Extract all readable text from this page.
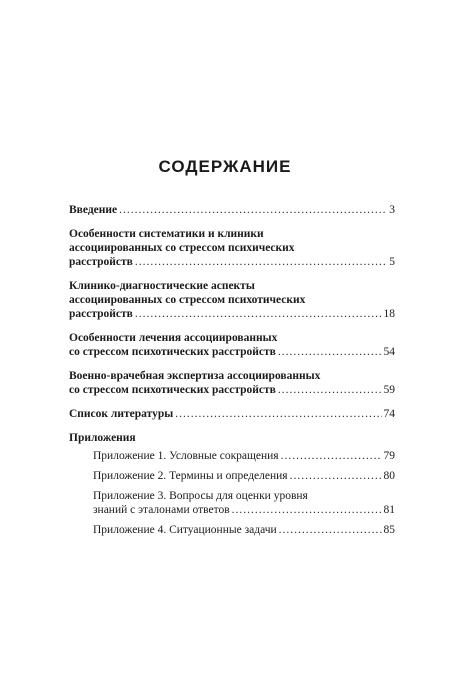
СОДЕРЖАНИЕ
Введение .....	3
Особенности систематики и клиники
ассоциированных со стрессом психических
расстройств .....	5
Клинико-диагностические аспекты
ассоциированных со стрессом психотических
расстройств .....	18
Особенности лечения ассоциированных
со стрессом психотических расстройств .....	54
Военно-врачебная экспертиза ассоциированных
со стрессом психотических расстройств .....	59
Список литературы .....	74
Приложения
Приложение 1. Условные сокращения .....	79
Приложение 2. Термины и определения .....	80
Приложение 3. Вопросы для оценки уровня
знаний с эталонами ответов .....	81
Приложение 4. Ситуационные задачи .....	85
